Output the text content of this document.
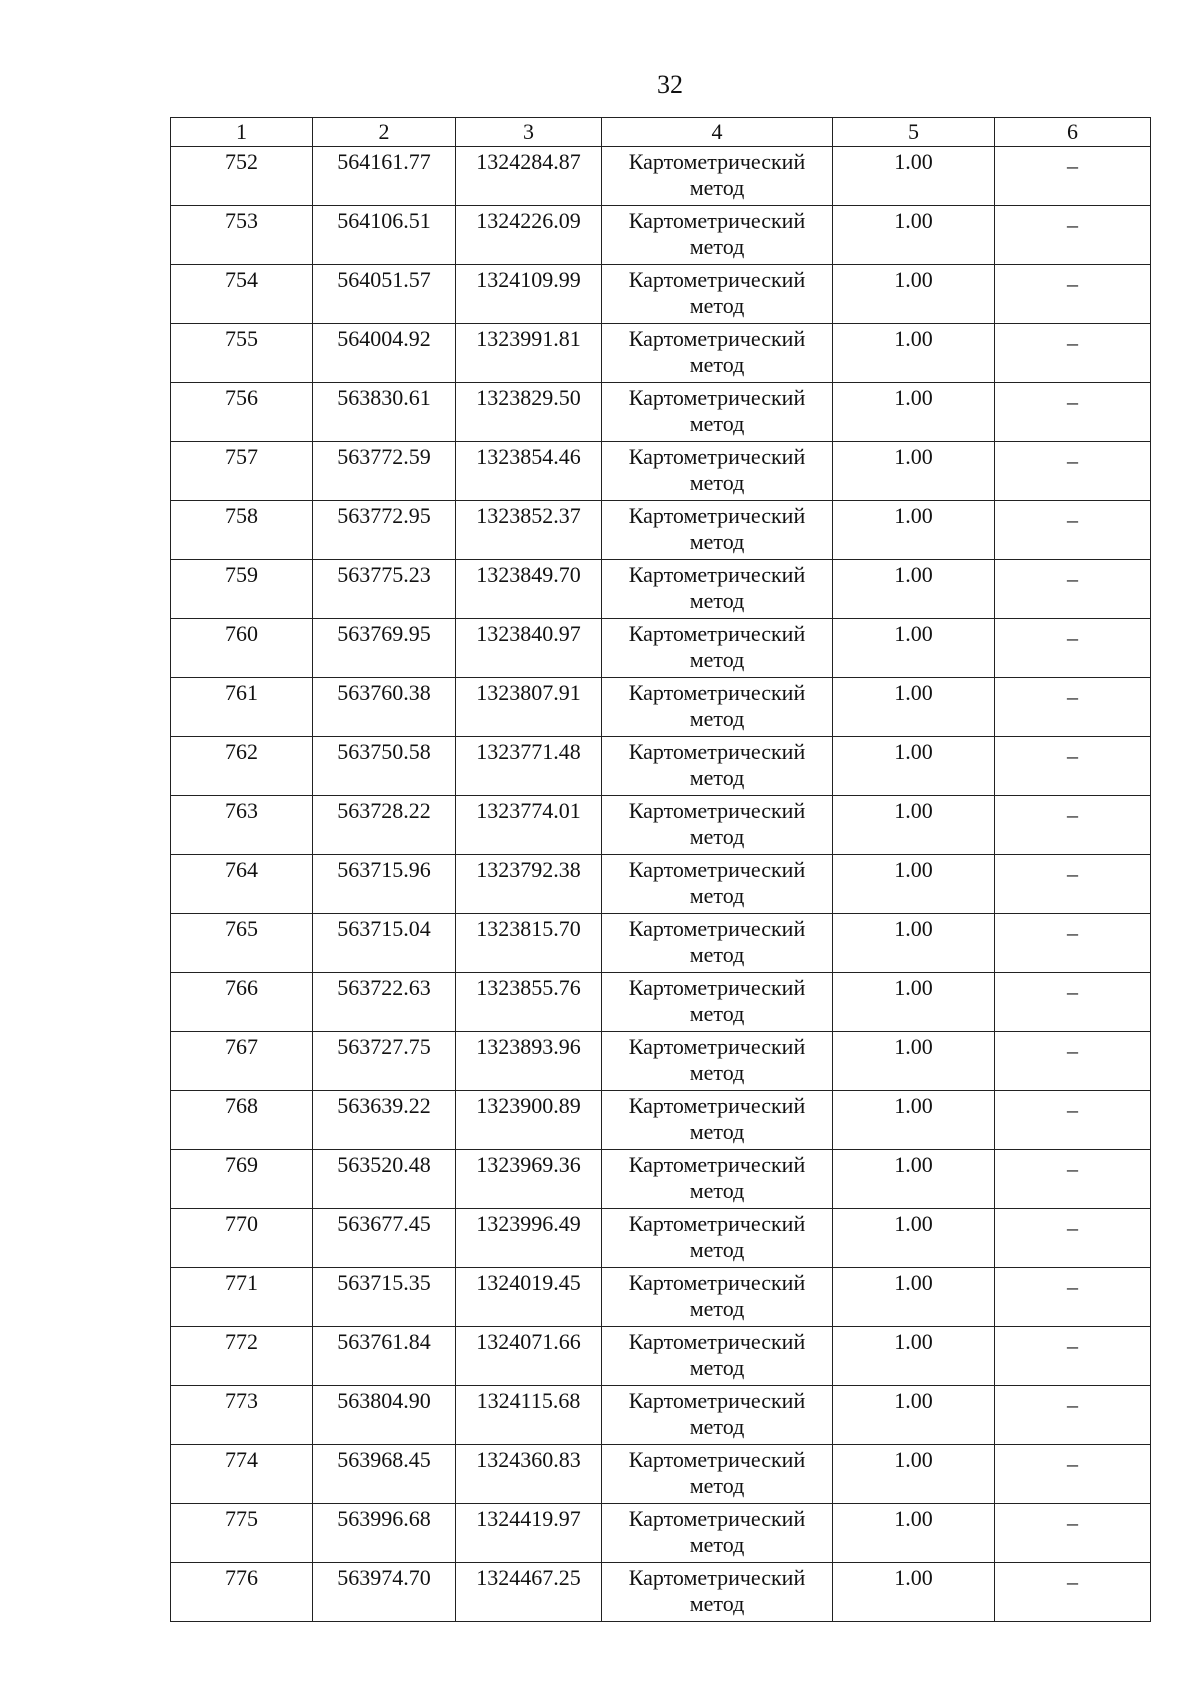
32
1	2	3	4	5	6
752	564161.77	1324284.87	Картометрический метод	1.00	–
753	564106.51	1324226.09	Картометрический метод	1.00	–
754	564051.57	1324109.99	Картометрический метод	1.00	–
755	564004.92	1323991.81	Картометрический метод	1.00	–
756	563830.61	1323829.50	Картометрический метод	1.00	–
757	563772.59	1323854.46	Картометрический метод	1.00	–
758	563772.95	1323852.37	Картометрический метод	1.00	–
759	563775.23	1323849.70	Картометрический метод	1.00	–
760	563769.95	1323840.97	Картометрический метод	1.00	–
761	563760.38	1323807.91	Картометрический метод	1.00	–
762	563750.58	1323771.48	Картометрический метод	1.00	–
763	563728.22	1323774.01	Картометрический метод	1.00	–
764	563715.96	1323792.38	Картометрический метод	1.00	–
765	563715.04	1323815.70	Картометрический метод	1.00	–
766	563722.63	1323855.76	Картометрический метод	1.00	–
767	563727.75	1323893.96	Картометрический метод	1.00	–
768	563639.22	1323900.89	Картометрический метод	1.00	–
769	563520.48	1323969.36	Картометрический метод	1.00	–
770	563677.45	1323996.49	Картометрический метод	1.00	–
771	563715.35	1324019.45	Картометрический метод	1.00	–
772	563761.84	1324071.66	Картометрический метод	1.00	–
773	563804.90	1324115.68	Картометрический метод	1.00	–
774	563968.45	1324360.83	Картометрический метод	1.00	–
775	563996.68	1324419.97	Картометрический метод	1.00	–
776	563974.70	1324467.25	Картометрический метод	1.00	–
